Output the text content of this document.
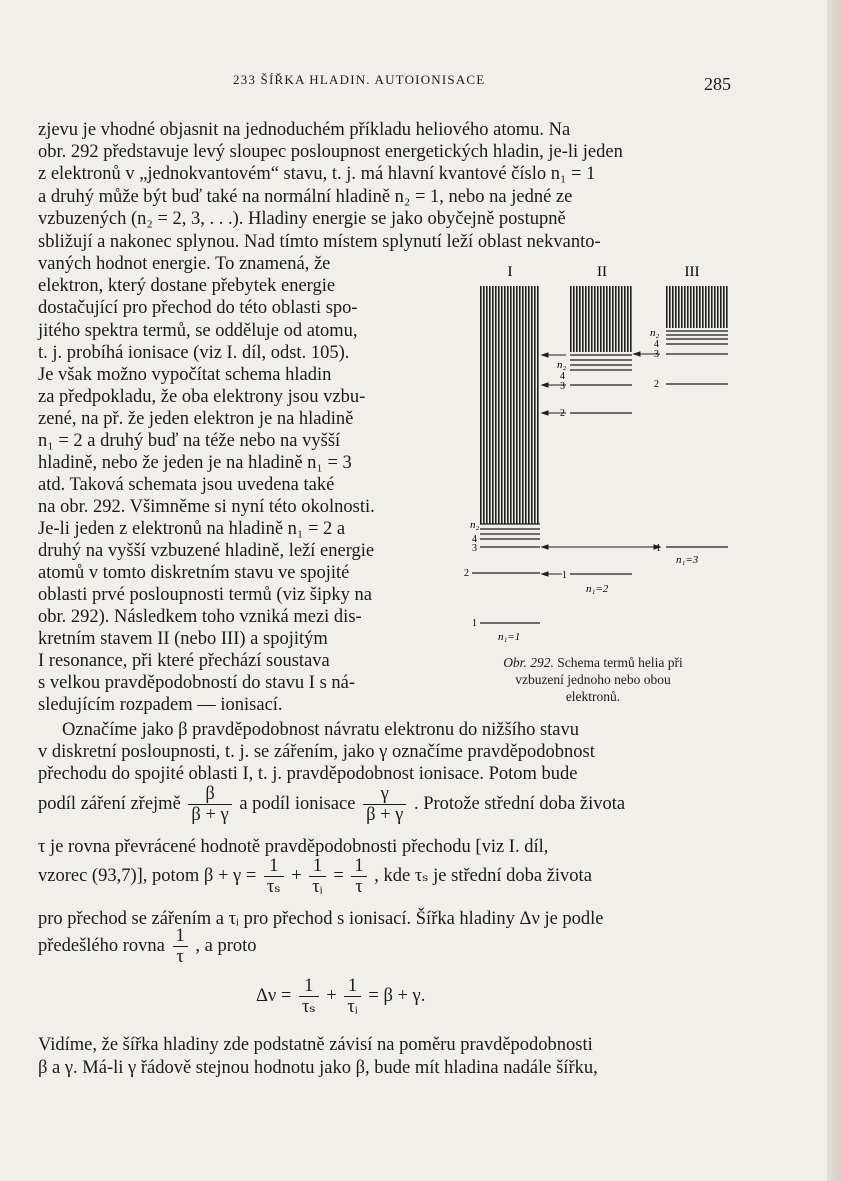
233 ŠÍŘKA HLADIN. AUTOIONISACE	285
zjevu je vhodné objasnit na jednoduchém příkladu heliového atomu. Na
obr. 292 představuje levý sloupec posloupnost energetických hladin, je-li jeden
z elektronů v „jednokvantovém“ stavu, t. j. má hlavní kvantové číslo n₁ = 1
a druhý může být buď také na normální hladině n₂ = 1, nebo na jedné ze
vzbuzených (n₂ = 2, 3, . . .). Hladiny energie se jako obyčejně postupně
sbližují a nakonec splynou. Nad tímto místem splynutí leží oblast nekvanto-
vaných hodnot energie. To znamená, že
elektron, který dostane přebytek energie
dostačující pro přechod do této oblasti spo-
jitého spektra termů, se odděluje od atomu,
t. j. probíhá ionisace (viz I. díl, odst. 105).
Je však možno vypočítat schema hladin
za předpokladu, že oba elektrony jsou vzbu-
zené, na př. že jeden elektron je na hladině
n₁ = 2 a druhý buď na téže nebo na vyšší
hladině, nebo že jeden je na hladině n₁ = 3
atd. Taková schemata jsou uvedena také
na obr. 292. Všimněme si nyní této okolnosti.
Je-li jeden z elektronů na hladině n₁ = 2 a
druhý na vyšší vzbuzené hladině, leží energie
atomů v tomto diskretním stavu ve spojité
oblasti prvé posloupnosti termů (viz šipky na
obr. 292). Následkem toho vzniká mezi dis-
kretním stavem II (nebo III) a spojitým
I resonance, při které přechází soustava
s velkou pravděpodobností do stavu I s ná-
sledujícím rozpadem — ionisací.
I	II	III
n₂
4
3
2
1
n₁=1
n₂
4
3
2
1
n₁=2
n₂
4
3
2
1
n₁=3
Obr. 292. Schema termů helia při
vzbuzení jednoho nebo obou
elektronů.
Označíme jako β pravděpodobnost návratu elektronu do nižšího stavu
v diskretní posloupnosti, t. j. se zářením, jako γ označíme pravděpodobnost
přechodu do spojité oblasti I, t. j. pravděpodobnost ionisace. Potom bude
podíl záření zřejmě $\frac{\beta}{\beta + \gamma}$ a podíl ionisace $\frac{\gamma}{\beta + \gamma}$ . Protože střední doba života
τ je rovna převrácené hodnotě pravděpodobnosti přechodu [viz I. díl,
vzorec (93,7)], potom $\beta + \gamma = \frac{1}{\text{τₛ}} + \frac{1}{\text{τᵢ}} = \frac{1}{\tau}$ , kde τₛ je střední doba života
pro přechod se zářením a τᵢ pro přechod s ionisací. Šířka hladiny Δν je podle
předešlého rovna $\frac{1}{\tau}$ , a proto
$\Delta\nu = \frac{1}{\text{τₛ}} + \frac{1}{\text{τᵢ}} = \beta + \gamma$.
Vidíme, že šířka hladiny zde podstatně závisí na poměru pravděpodobnosti
β a γ. Má-li γ řádově stejnou hodnotu jako β, bude mít hladina nadále šířku,
